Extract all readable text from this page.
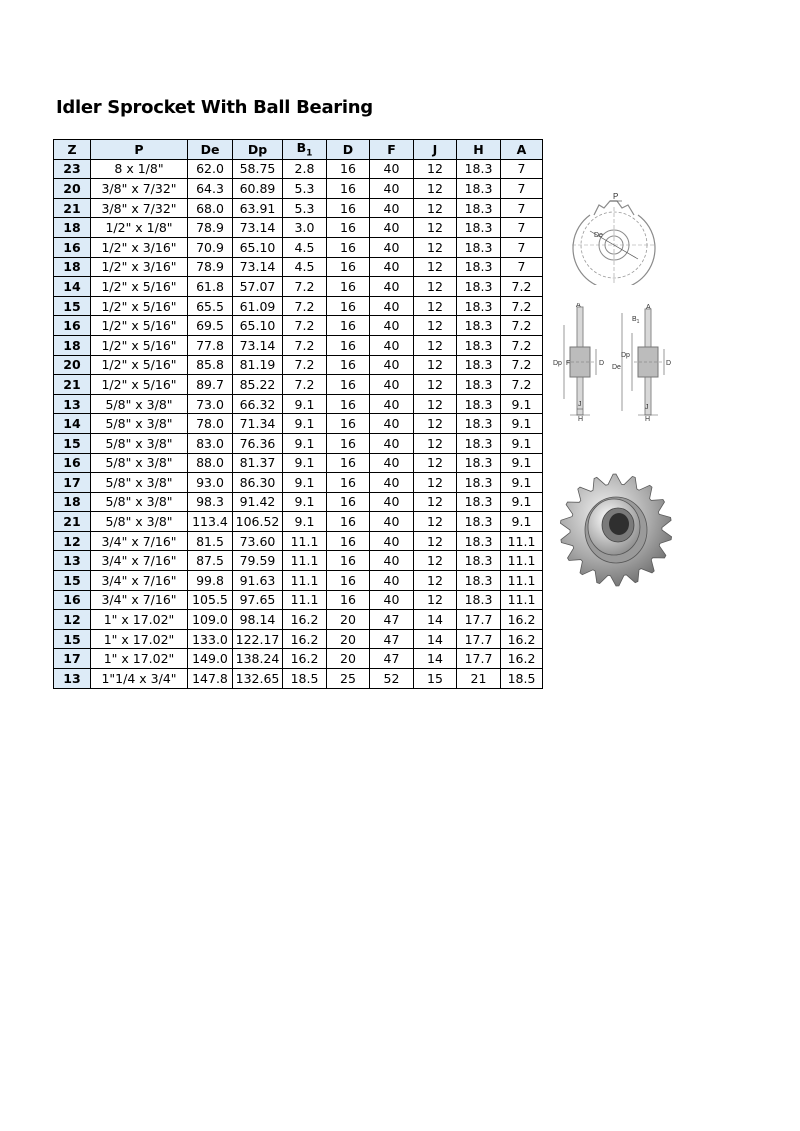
Idler Sprocket With Ball Bearing
Z	P	De	Dp	$B_1$	D	F	J	H	A
23	8 x 1/8"	62.0	58.75	2.8	16	40	12	18.3	7
20	3/8" x 7/32"	64.3	60.89	5.3	16	40	12	18.3	7
21	3/8" x 7/32"	68.0	63.91	5.3	16	40	12	18.3	7
18	1/2" x 1/8"	78.9	73.14	3.0	16	40	12	18.3	7
16	1/2" x 3/16"	70.9	65.10	4.5	16	40	12	18.3	7
18	1/2" x 3/16"	78.9	73.14	4.5	16	40	12	18.3	7
14	1/2" x 5/16"	61.8	57.07	7.2	16	40	12	18.3	7.2
15	1/2" x 5/16"	65.5	61.09	7.2	16	40	12	18.3	7.2
16	1/2" x 5/16"	69.5	65.10	7.2	16	40	12	18.3	7.2
18	1/2" x 5/16"	77.8	73.14	7.2	16	40	12	18.3	7.2
20	1/2" x 5/16"	85.8	81.19	7.2	16	40	12	18.3	7.2
21	1/2" x 5/16"	89.7	85.22	7.2	16	40	12	18.3	7.2
13	5/8" x 3/8"	73.0	66.32	9.1	16	40	12	18.3	9.1
14	5/8" x 3/8"	78.0	71.34	9.1	16	40	12	18.3	9.1
15	5/8" x 3/8"	83.0	76.36	9.1	16	40	12	18.3	9.1
16	5/8" x 3/8"	88.0	81.37	9.1	16	40	12	18.3	9.1
17	5/8" x 3/8"	93.0	86.30	9.1	16	40	12	18.3	9.1
18	5/8" x 3/8"	98.3	91.42	9.1	16	40	12	18.3	9.1
21	5/8" x 3/8"	113.4	106.52	9.1	16	40	12	18.3	9.1
12	3/4" x 7/16"	81.5	73.60	11.1	16	40	12	18.3	11.1
13	3/4" x 7/16"	87.5	79.59	11.1	16	40	12	18.3	11.1
15	3/4" x 7/16"	99.8	91.63	11.1	16	40	12	18.3	11.1
16	3/4" x 7/16"	105.5	97.65	11.1	16	40	12	18.3	11.1
12	1" x 17.02"	109.0	98.14	16.2	20	47	14	17.7	16.2
15	1" x 17.02"	133.0	122.17	16.2	20	47	14	17.7	16.2
17	1" x 17.02"	149.0	138.24	16.2	20	47	14	17.7	16.2
13	1"1/4 x 3/4"	147.8	132.65	18.5	25	52	15	21	18.5
P
De
A
Dp F	D
J
H
A
$B_1$
Dp
De
D
J
H
